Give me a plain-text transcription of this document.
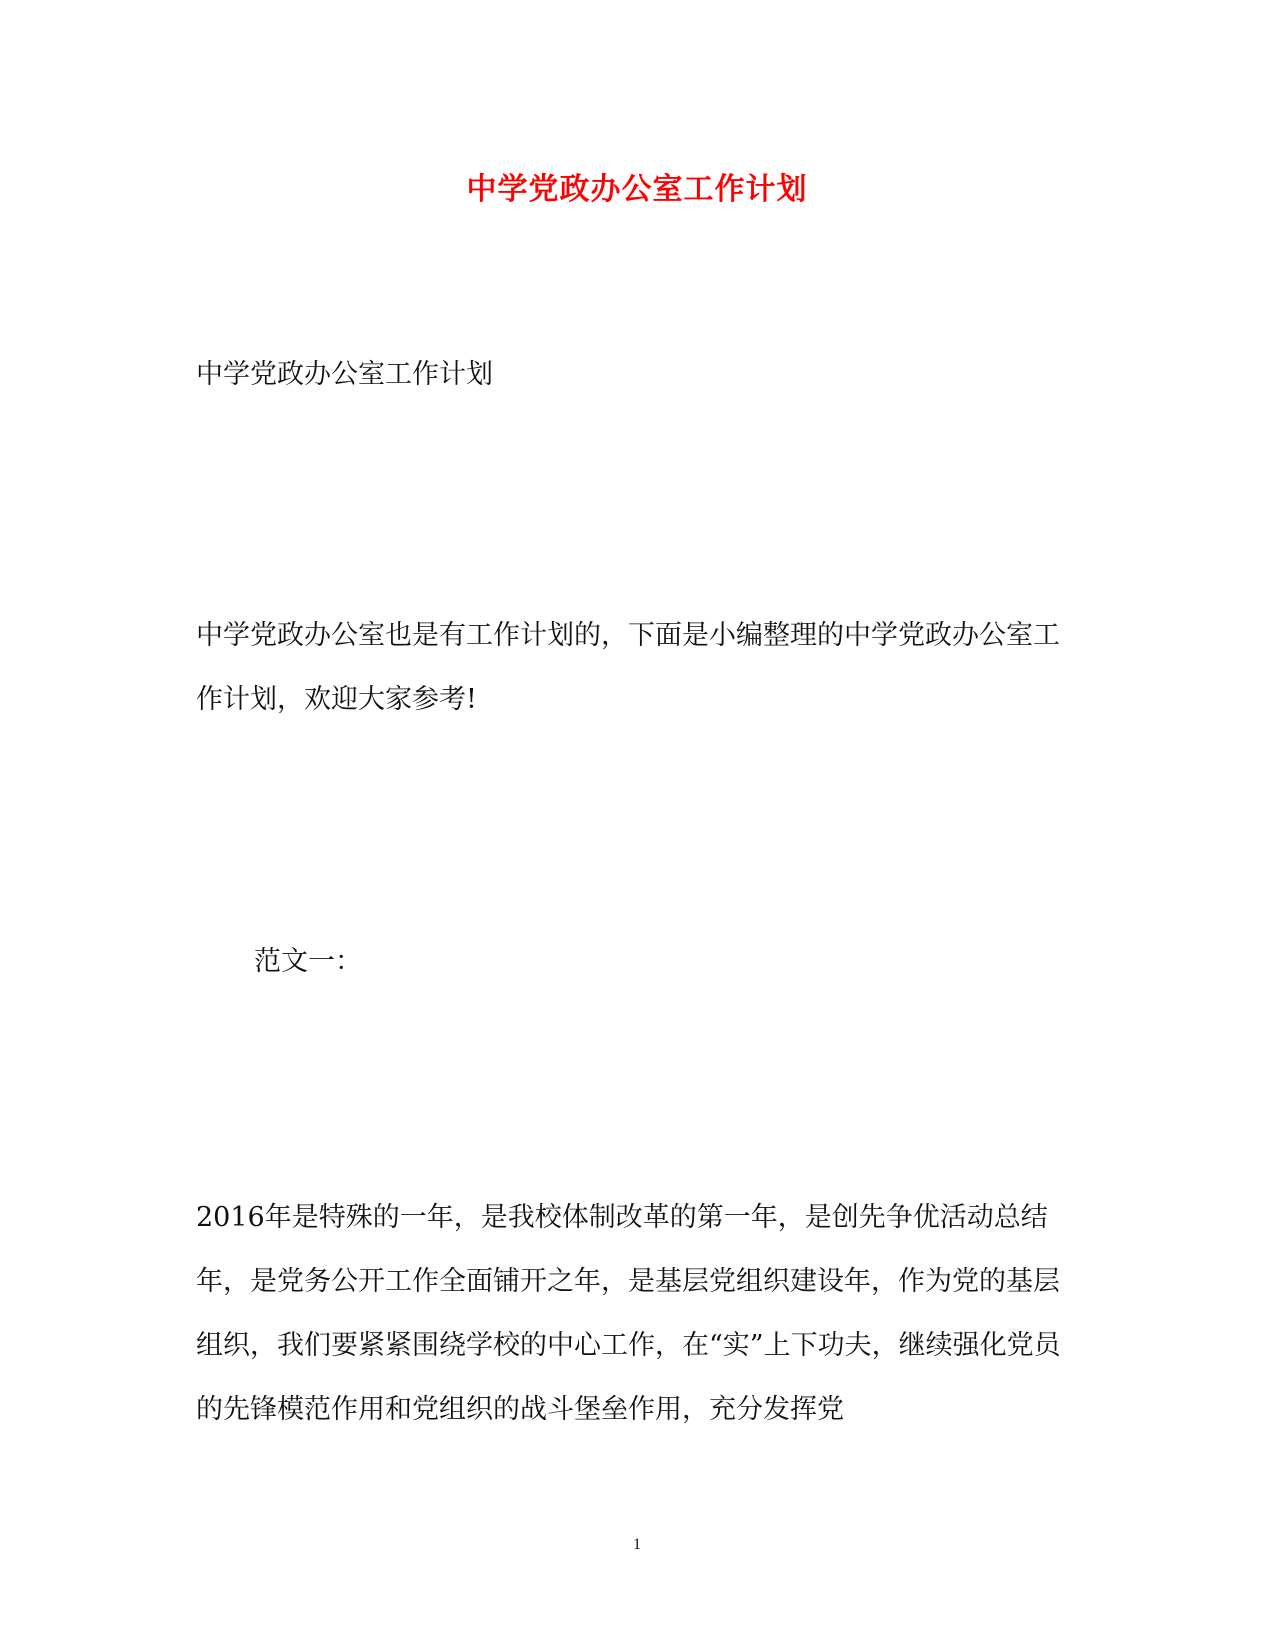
中学党政办公室工作计划

中学党政办公室工作计划

中学党政办公室也是有工作计划的，下面是小编整理的中学党政办公室工作计划，欢迎大家参考!

范文一：

2016年是特殊的一年，是我校体制改革的第一年，是创先争优活动总结年，是党务公开工作全面铺开之年，是基层党组织建设年，作为党的基层组织，我们要紧紧围绕学校的中心工作，在“实”上下功夫，继续强化党员的先锋模范作用和党组织的战斗堡垒作用，充分发挥党

1
